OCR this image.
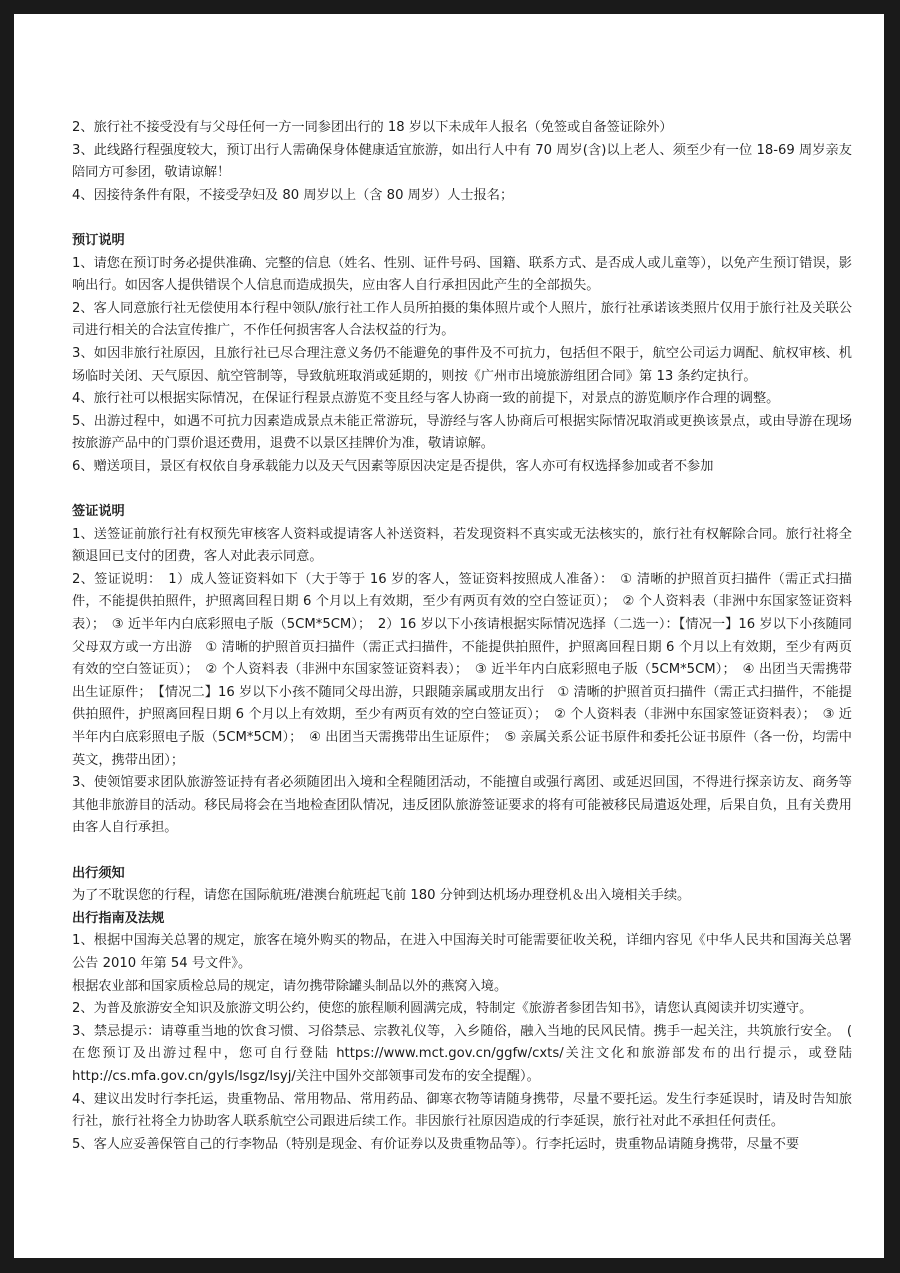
2、旅行社不接受没有与父母任何一方一同参团出行的 18 岁以下未成年人报名（免签或自备签证除外）

3、此线路行程强度较大，预订出行人需确保身体健康适宜旅游，如出行人中有 70 周岁(含)以上老人、须至少有一位 18-69 周岁亲友陪同方可参团，敬请谅解！

4、因接待条件有限，不接受孕妇及 80 周岁以上（含 80 周岁）人士报名；

预订说明

1、请您在预订时务必提供准确、完整的信息（姓名、性别、证件号码、国籍、联系方式、是否成人或儿童等），以免产生预订错误，影响出行。如因客人提供错误个人信息而造成损失，应由客人自行承担因此产生的全部损失。

2、客人同意旅行社无偿使用本行程中领队/旅行社工作人员所拍摄的集体照片或个人照片，旅行社承诺该类照片仅用于旅行社及关联公司进行相关的合法宣传推广，不作任何损害客人合法权益的行为。

3、如因非旅行社原因，且旅行社已尽合理注意义务仍不能避免的事件及不可抗力，包括但不限于，航空公司运力调配、航权审核、机场临时关闭、天气原因、航空管制等，导致航班取消或延期的，则按《广州市出境旅游组团合同》第 13 条约定执行。

4、旅行社可以根据实际情况，在保证行程景点游览不变且经与客人协商一致的前提下，对景点的游览顺序作合理的调整。

5、出游过程中，如遇不可抗力因素造成景点未能正常游玩，导游经与客人协商后可根据实际情况取消或更换该景点，或由导游在现场按旅游产品中的门票价退还费用，退费不以景区挂牌价为准，敬请谅解。

6、赠送项目，景区有权依自身承载能力以及天气因素等原因决定是否提供，客人亦可有权选择参加或者不参加

签证说明

1、送签证前旅行社有权预先审核客人资料或提请客人补送资料，若发现资料不真实或无法核实的，旅行社有权解除合同。旅行社将全额退回已支付的团费，客人对此表示同意。

2、签证说明：　1）成人签证资料如下（大于等于 16 岁的客人，签证资料按照成人准备）：　① 清晰的护照首页扫描件（需正式扫描件，不能提供拍照件，护照离回程日期 6 个月以上有效期，至少有两页有效的空白签证页）；　② 个人资料表（非洲中东国家签证资料表）；　③ 近半年内白底彩照电子版（5CM*5CM）；　2）16 岁以下小孩请根据实际情况选择（二选一）：【情况一】16 岁以下小孩随同父母双方或一方出游　① 清晰的护照首页扫描件（需正式扫描件，不能提供拍照件，护照离回程日期 6 个月以上有效期，至少有两页有效的空白签证页）；　② 个人资料表（非洲中东国家签证资料表）；　③ 近半年内白底彩照电子版（5CM*5CM）；　④ 出团当天需携带出生证原件；　【情况二】16 岁以下小孩不随同父母出游，只跟随亲属或朋友出行　① 清晰的护照首页扫描件（需正式扫描件，不能提供拍照件，护照离回程日期 6 个月以上有效期，至少有两页有效的空白签证页）；　② 个人资料表（非洲中东国家签证资料表）；　③ 近半年内白底彩照电子版（5CM*5CM）；　④ 出团当天需携带出生证原件；　⑤ 亲属关系公证书原件和委托公证书原件（各一份，均需中英文，携带出团）；

3、使领馆要求团队旅游签证持有者必须随团出入境和全程随团活动，不能擅自或强行离团、或延迟回国，不得进行探亲访友、商务等其他非旅游目的活动。移民局将会在当地检查团队情况，违反团队旅游签证要求的将有可能被移民局遣返处理，后果自负，且有关费用由客人自行承担。

出行须知

为了不耽误您的行程，请您在国际航班/港澳台航班起飞前 180 分钟到达机场办理登机＆出入境相关手续。

出行指南及法规

1、根据中国海关总署的规定，旅客在境外购买的物品，在进入中国海关时可能需要征收关税，详细内容见《中华人民共和国海关总署公告 2010 年第 54 号文件》。

根据农业部和国家质检总局的规定，请勿携带除罐头制品以外的燕窝入境。

2、为普及旅游安全知识及旅游文明公约，使您的旅程顺利圆满完成，特制定《旅游者参团告知书》，请您认真阅读并切实遵守。

3、禁忌提示：请尊重当地的饮食习惯、习俗禁忌、宗教礼仪等，入乡随俗，融入当地的民风民情。携手一起关注，共筑旅行安全。　(　在您预订及出游过程中，您可自行登陆 https://www.mct.gov.cn/ggfw/cxts/关注文化和旅游部发布的出行提示，或登陆 http://cs.mfa.gov.cn/gyls/lsgz/lsyj/关注中国外交部领事司发布的安全提醒）。

4、建议出发时行李托运，贵重物品、常用物品、常用药品、御寒衣物等请随身携带，尽量不要托运。发生行李延误时，请及时告知旅行社，旅行社将全力协助客人联系航空公司跟进后续工作。非因旅行社原因造成的行李延误，旅行社对此不承担任何责任。

5、客人应妥善保管自己的行李物品（特别是现金、有价证券以及贵重物品等）。行李托运时，贵重物品请随身携带，尽量不要
